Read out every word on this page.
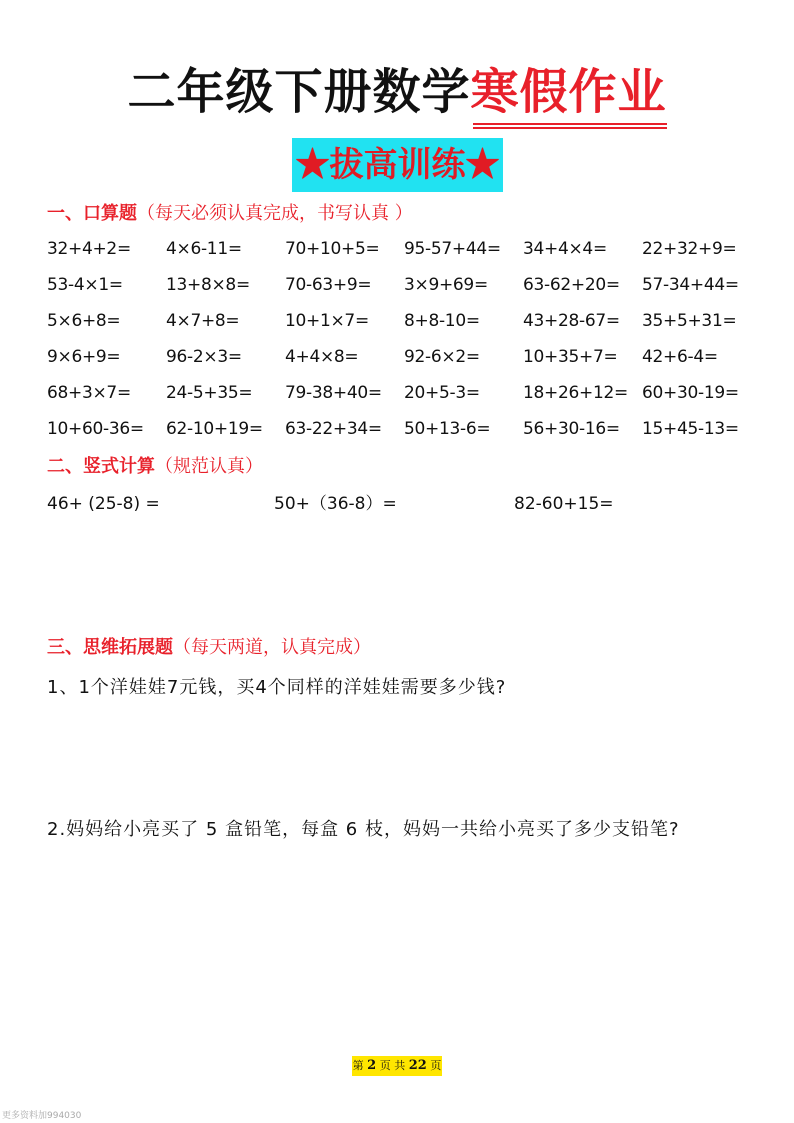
二年级下册数学寒假作业
★拔高训练★
一、口算题（每天必须认真完成，书写认真 ）
32+4+2=	4×6-11=	70+10+5=	95-57+44=	34+4×4=	22+32+9=
53-4×1=	13+8×8=	70-63+9=	3×9+69=	63-62+20=	57-34+44=
5×6+8=	4×7+8=	10+1×7=	8+8-10=	43+28-67=	35+5+31=
9×6+9=	96-2×3=	4+4×8=	92-6×2=	10+35+7=	42+6-4=
68+3×7=	24-5+35=	79-38+40=	20+5-3=	18+26+12= 60+30-19=
10+60-36=	62-10+19=	63-22+34=	50+13-6=	56+30-16=	15+45-13=
二、竖式计算（规范认真）
46+ (25-8) =	50+（36-8）=	82-60+15=
三、思维拓展题（每天两道，认真完成）
1、1个洋娃娃7元钱，买4个同样的洋娃娃需要多少钱?
2.妈妈给小亮买了 5 盒铅笔，每盒 6 枝，妈妈一共给小亮买了多少支铅笔?
第 2 页 共 22 页
更多资料加994030
